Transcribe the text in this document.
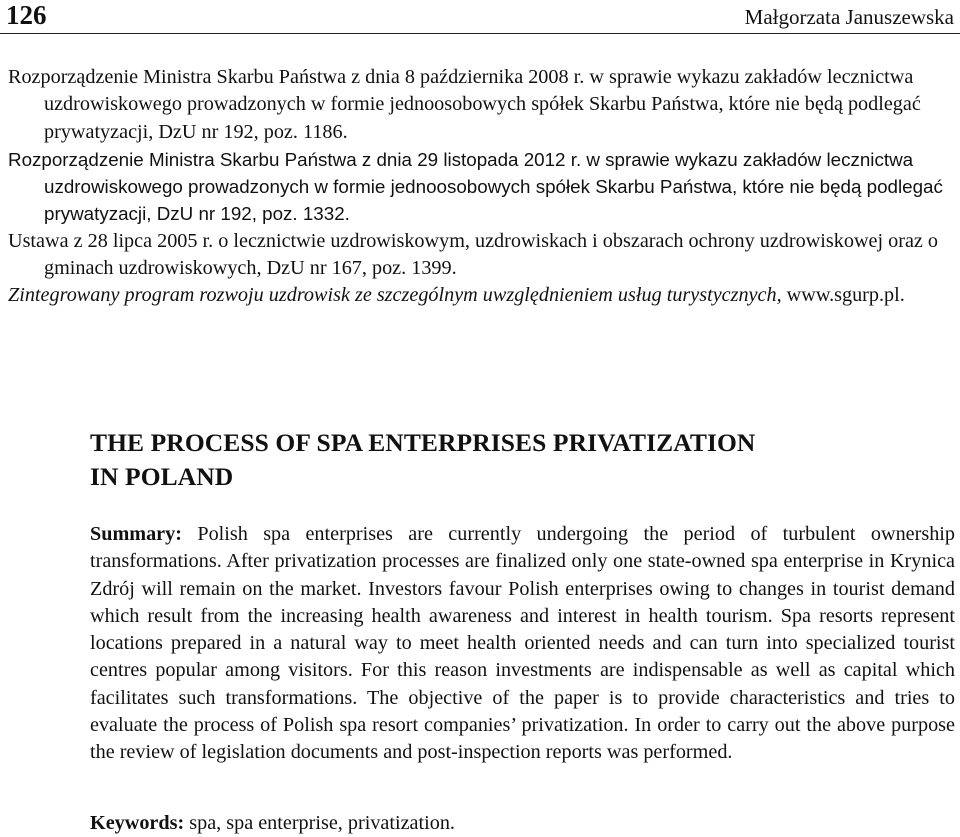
126	Małgorzata Januszewska

Rozporządzenie Ministra Skarbu Państwa z dnia 8 października 2008 r. w sprawie wykazu zakładów lecznictwa uzdrowiskowego prowadzonych w formie jednoosobowych spółek Skarbu Państwa, które nie będą podlegać prywatyzacji, DzU nr 192, poz. 1186.

Rozporządzenie Ministra Skarbu Państwa z dnia 29 listopada 2012 r. w sprawie wykazu zakładów lecznictwa uzdrowiskowego prowadzonych w formie jednoosobowych spółek Skarbu Państwa, które nie będą podlegać prywatyzacji, DzU nr 192, poz. 1332.

Ustawa z 28 lipca 2005 r. o lecznictwie uzdrowiskowym, uzdrowiskach i obszarach ochrony uzdrowiskowej oraz o gminach uzdrowiskowych, DzU nr 167, poz. 1399.

Zintegrowany program rozwoju uzdrowisk ze szczególnym uwzględnieniem usług turystycznych, www.sgurp.pl.

THE PROCESS OF SPA ENTERPRISES PRIVATIZATION
IN POLAND

Summary: Polish spa enterprises are currently undergoing the period of turbulent ownership transformations. After privatization processes are finalized only one state-owned spa enterprise in Krynica Zdrój will remain on the market. Investors favour Polish enterprises owing to changes in tourist demand which result from the increasing health awareness and interest in health tourism. Spa resorts represent locations prepared in a natural way to meet health oriented needs and can turn into specialized tourist centres popular among visitors. For this reason investments are indispensable as well as capital which facilitates such transformations. The objective of the paper is to provide characteristics and tries to evaluate the process of Polish spa resort companies’ privatization. In order to carry out the above purpose the review of legislation documents and post-inspection reports was performed.

Keywords: spa, spa enterprise, privatization.
